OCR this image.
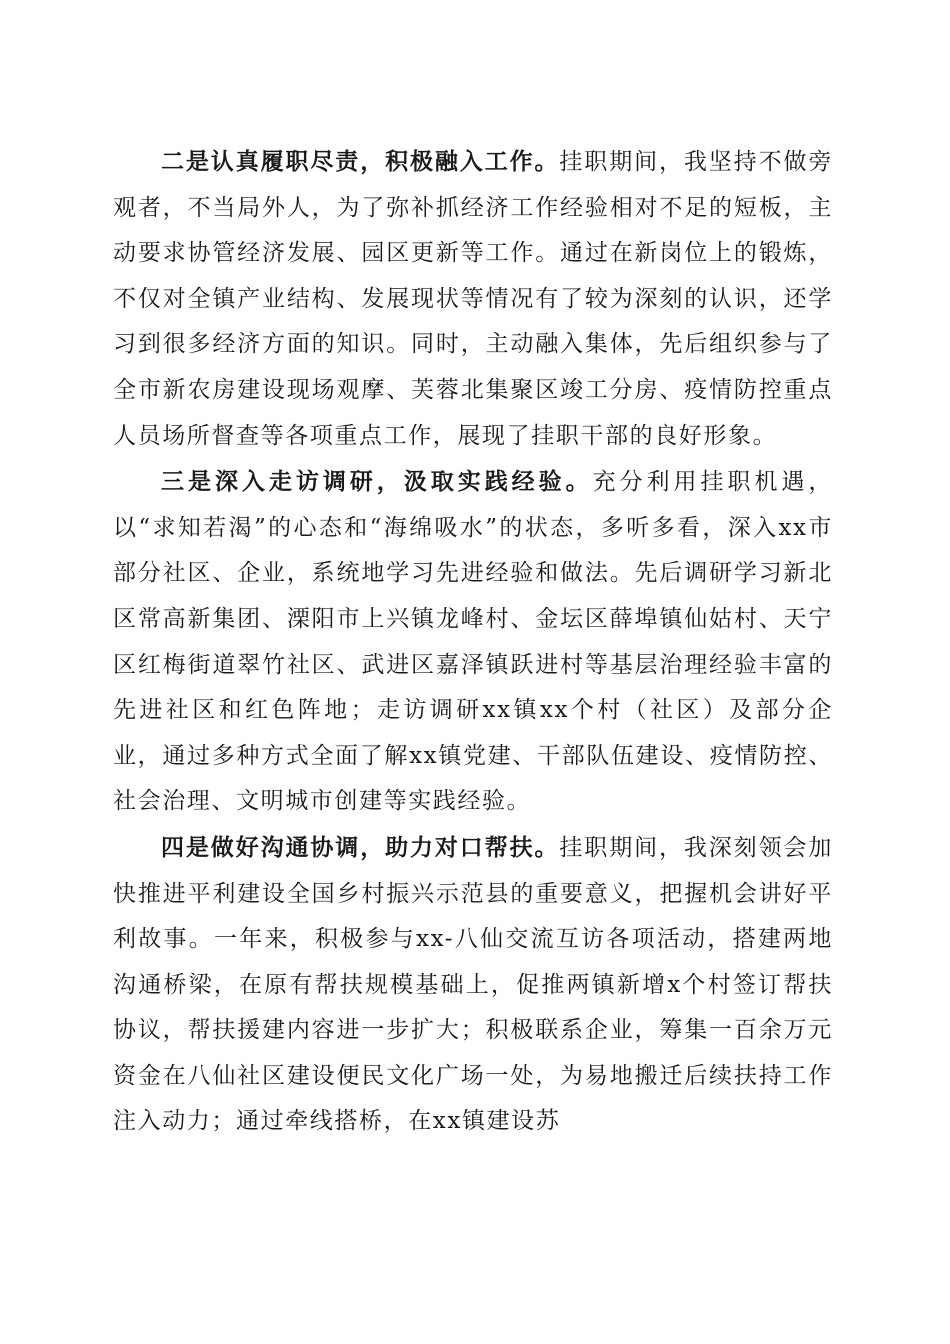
二是认真履职尽责，积极融入工作。挂职期间，我坚持不做旁观者，不当局外人，为了弥补抓经济工作经验相对不足的短板，主动要求协管经济发展、园区更新等工作。通过在新岗位上的锻炼，不仅对全镇产业结构、发展现状等情况有了较为深刻的认识，还学习到很多经济方面的知识。同时，主动融入集体，先后组织参与了全市新农房建设现场观摩、芙蓉北集聚区竣工分房、疫情防控重点人员场所督查等各项重点工作，展现了挂职干部的良好形象。

三是深入走访调研，汲取实践经验。充分利用挂职机遇，以“求知若渴”的心态和“海绵吸水”的状态，多听多看，深入xx市部分社区、企业，系统地学习先进经验和做法。先后调研学习新北区常高新集团、溧阳市上兴镇龙峰村、金坛区薛埠镇仙姑村、天宁区红梅街道翠竹社区、武进区嘉泽镇跃进村等基层治理经验丰富的先进社区和红色阵地；走访调研xx镇xx个村（社区）及部分企业，通过多种方式全面了解xx镇党建、干部队伍建设、疫情防控、社会治理、文明城市创建等实践经验。

四是做好沟通协调，助力对口帮扶。挂职期间，我深刻领会加快推进平利建设全国乡村振兴示范县的重要意义，把握机会讲好平利故事。一年来，积极参与xx-八仙交流互访各项活动，搭建两地沟通桥梁，在原有帮扶规模基础上，促推两镇新增x个村签订帮扶协议，帮扶援建内容进一步扩大；积极联系企业，筹集一百余万元资金在八仙社区建设便民文化广场一处，为易地搬迁后续扶持工作注入动力；通过牵线搭桥，在xx镇建设苏
